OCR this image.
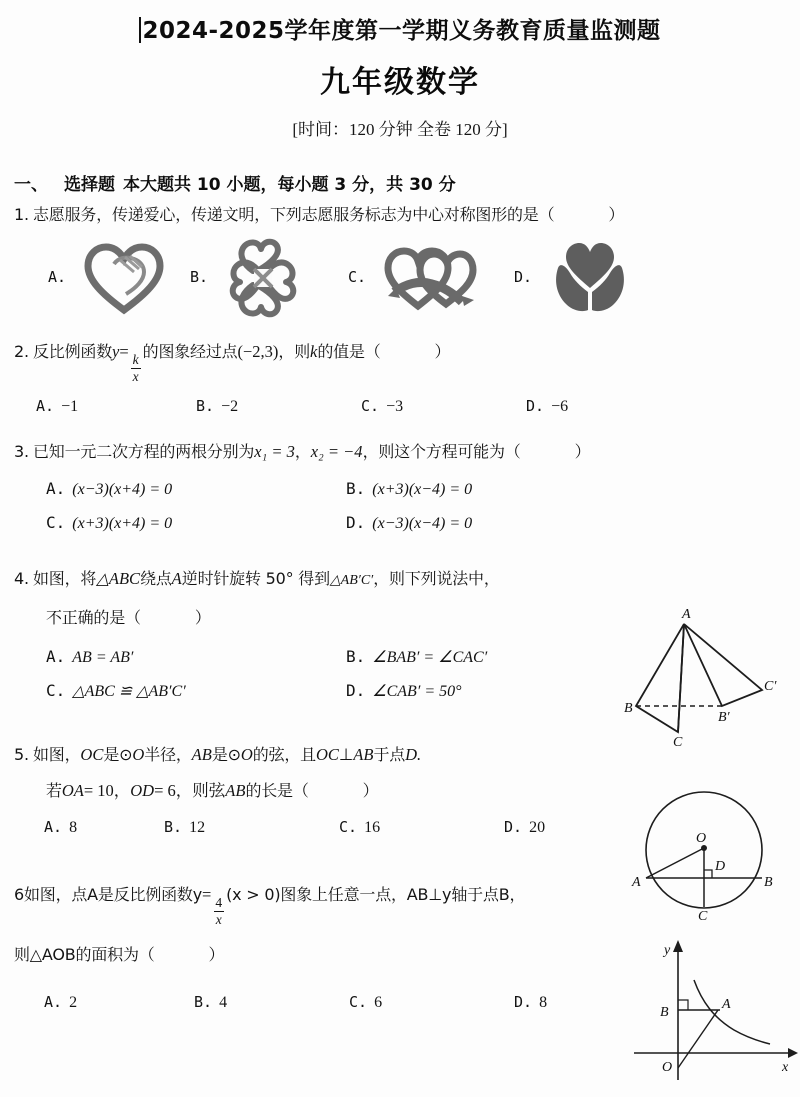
2024-2025学年度第一学期义务教育质量监测题
九年级数学
[时间：120 分钟 全卷 120 分]
一、 选择题 本大题共 10 小题，每小题 3 分，共 30 分
1. 志愿服务，传递爱心，传递文明，下列志愿服务标志为中心对称图形的是（	）
A.	B.	C.	D.
2. 反比例函数y=
$\frac{k}{x}$
的图象经过点(−2,3)，则k的值是（	）
A. −1	B. −2	C. −3	D. −6
3. 已知一元二次方程的两根分别为x₁ = 3，x₂ = −4，则这个方程可能为（	）
A. (x−3)(x+4) = 0	B. (x+3)(x−4) = 0
C. (x+3)(x+4) = 0	D. (x−3)(x−4) = 0
4. 如图，将△ABC绕点A逆时针旋转 50° 得到△AB′C′，则下列说法中，
不正确的是（	）
A. AB = AB′	B. ∠BAB′ = ∠CAC′
C. △ABC ≌ △AB′C′	D. ∠CAB′ = 50°
A
B
C
B′
C′
5. 如图，OC是⊙O半径，AB是⊙O的弦，且OC⊥AB于点D.
若OA= 10，OD= 6，则弦AB的长是（	）
A. 8	B. 12	C. 16	D. 20
O
D
A	B
C
6如图，点A是反比例函数y=
$\frac{4}{x}$
(x > 0)图象上任意一点，AB⊥y轴于点B，
则△AOB的面积为（	）
A. 2	B. 4	C. 6	D. 8
B
A
O
y
x
